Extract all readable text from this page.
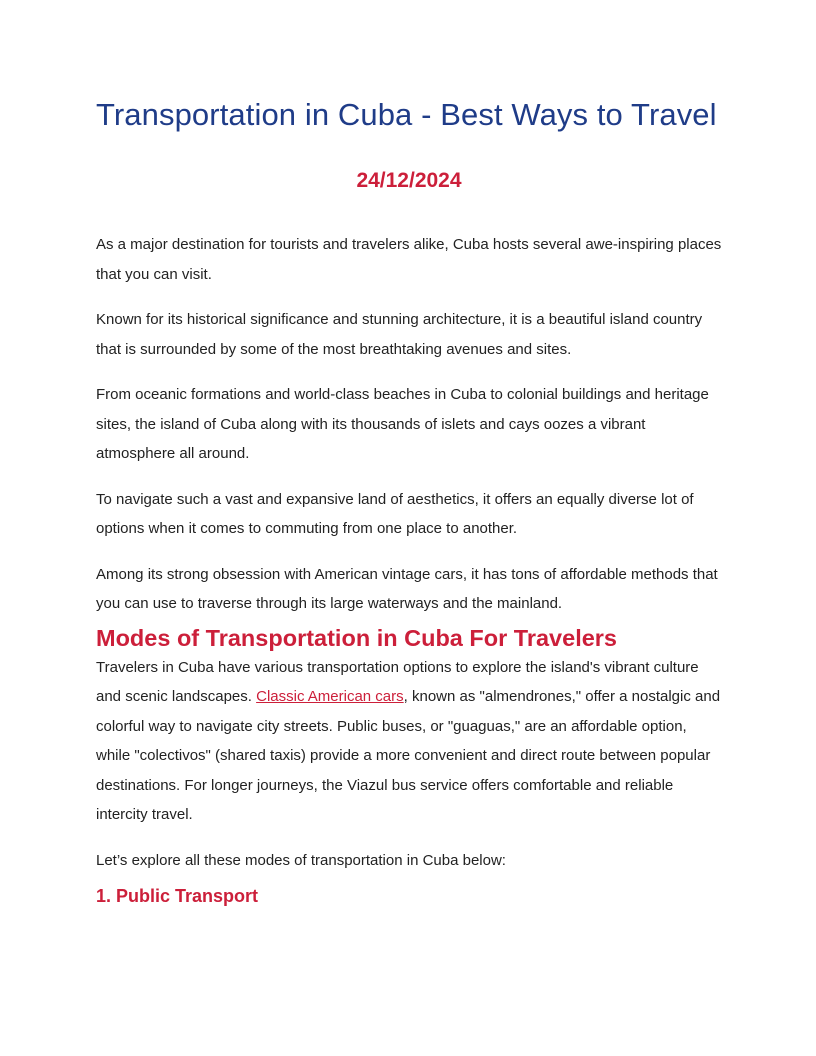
Transportation in Cuba - Best Ways to Travel
24/12/2024

As a major destination for tourists and travelers alike, Cuba hosts several awe-inspiring places that you can visit.

Known for its historical significance and stunning architecture, it is a beautiful island country that is surrounded by some of the most breathtaking avenues and sites.

From oceanic formations and world-class beaches in Cuba to colonial buildings and heritage sites, the island of Cuba along with its thousands of islets and cays oozes a vibrant atmosphere all around.

To navigate such a vast and expansive land of aesthetics, it offers an equally diverse lot of options when it comes to commuting from one place to another.

Among its strong obsession with American vintage cars, it has tons of affordable methods that you can use to traverse through its large waterways and the mainland.

Modes of Transportation in Cuba For Travelers

Travelers in Cuba have various transportation options to explore the island's vibrant culture and scenic landscapes. Classic American cars, known as "almendrones," offer a nostalgic and colorful way to navigate city streets. Public buses, or "guaguas," are an affordable option, while "colectivos" (shared taxis) provide a more convenient and direct route between popular destinations. For longer journeys, the Viazul bus service offers comfortable and reliable intercity travel.

Let’s explore all these modes of transportation in Cuba below:

1. Public Transport
